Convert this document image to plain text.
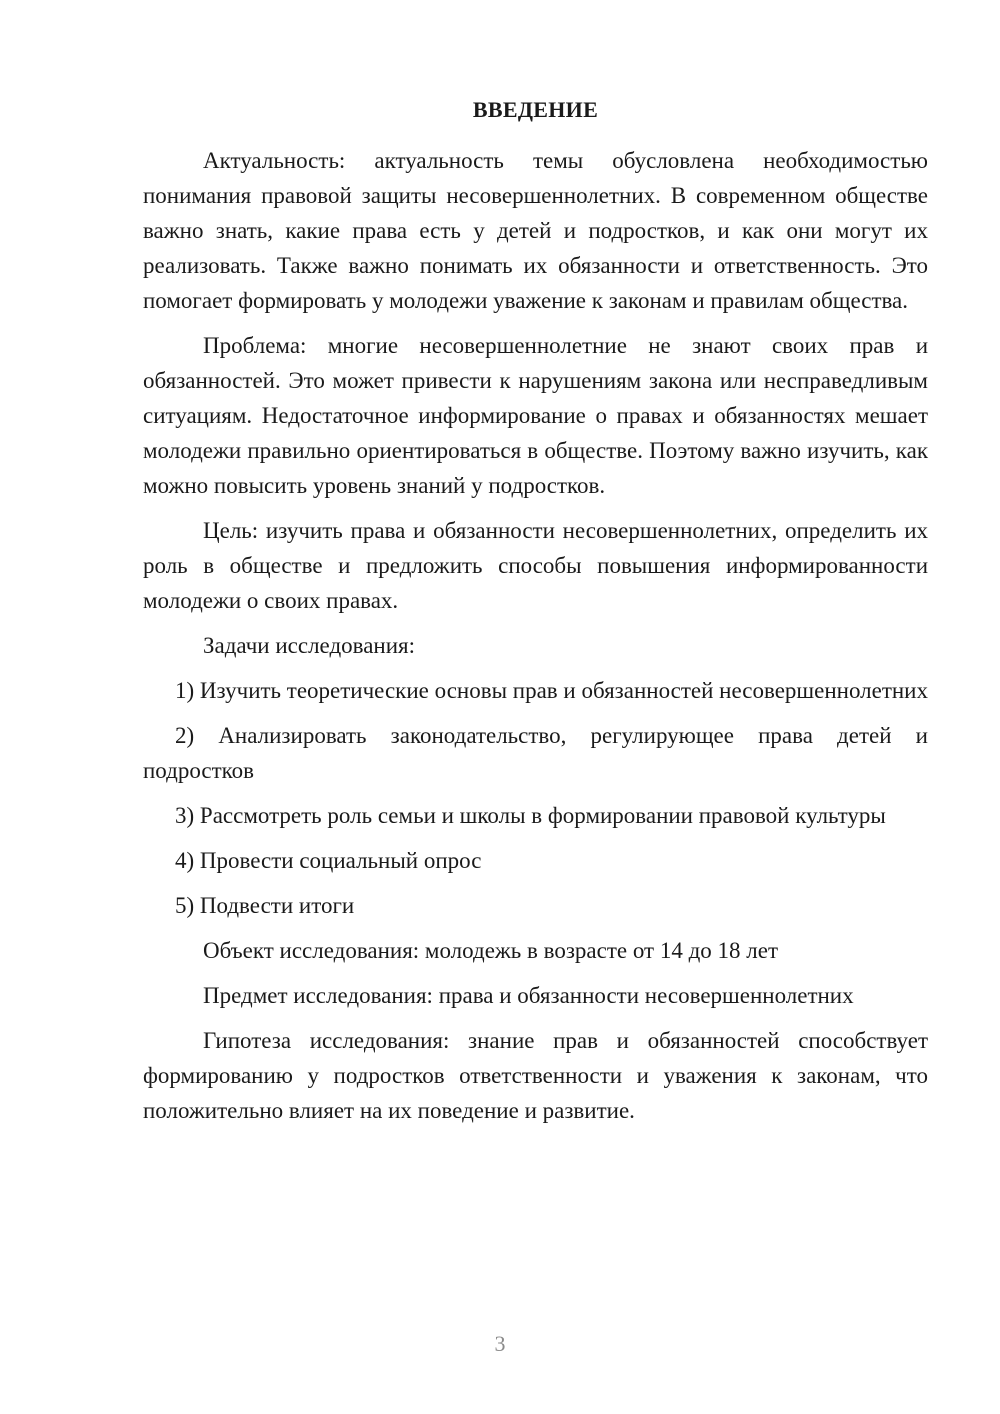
ВВЕДЕНИЕ

Актуальность: актуальность темы обусловлена необходимостью понимания правовой защиты несовершеннолетних. В современном обществе важно знать, какие права есть у детей и подростков, и как они могут их реализовать. Также важно понимать их обязанности и ответственность. Это помогает формировать у молодежи уважение к законам и правилам общества.

Проблема: многие несовершеннолетние не знают своих прав и обязанностей. Это может привести к нарушениям закона или несправедливым ситуациям. Недостаточное информирование о правах и обязанностях мешает молодежи правильно ориентироваться в обществе. Поэтому важно изучить, как можно повысить уровень знаний у подростков.

Цель: изучить права и обязанности несовершеннолетних, определить их роль в обществе и предложить способы повышения информированности молодежи о своих правах.

Задачи исследования:

1) Изучить теоретические основы прав и обязанностей несовершеннолетних

2) Анализировать законодательство, регулирующее права детей и подростков

3) Рассмотреть роль семьи и школы в формировании правовой культуры

4) Провести социальный опрос

5) Подвести итоги

Объект исследования: молодежь в возрасте от 14 до 18 лет

Предмет исследования: права и обязанности несовершеннолетних

Гипотеза исследования: знание прав и обязанностей способствует формированию у подростков ответственности и уважения к законам, что положительно влияет на их поведение и развитие.

3
